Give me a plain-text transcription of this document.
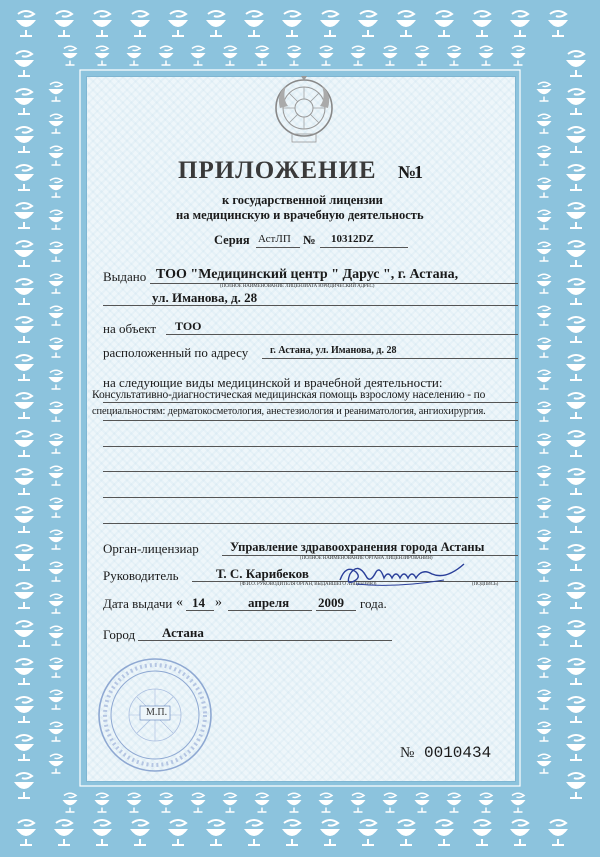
ПРИЛОЖЕНИЕ №
1
к государственной лицензии
на медицинскую и врачебную деятельность
Серия АстЛП № 10312DZ
Выдано ТОО "Медицинский центр " Дарус ", г. Астана,
(ПОЛНОЕ НАИМЕНОВАНИЕ ЛИЦЕНЗИАТА ЮРИДИЧЕСКИЙ АДРЕС)
ул. Иманова, д. 28
на объект ТОО
расположенный по адресу г. Астана, ул. Иманова, д. 28
на следующие виды медицинской и врачебной деятельности:
Консультативно-диагностическая медицинская помощь взрослому населению - по
специальностям: дерматокосметология, анестезиология и реаниматология, ангиохирургия.
Орган-лицензиар Управление здравоохранения города Астаны
(ПОЛНОЕ НАИМЕНОВАНИЕ ОРГАНА ЛИЦЕНЗИРОВАНИЯ)
Руководитель	Т. С. Карибеков
(Ф.И.О. РУКОВОДИТЕЛЯ ОРГАН, ВЫДАВШЕГО ЛИЦЕНЗИЮ)	(ПОДПИСЬ)
Дата выдачи « 14 » апреля 2009 года.
Город Астана
М.П.
№ 0010434
